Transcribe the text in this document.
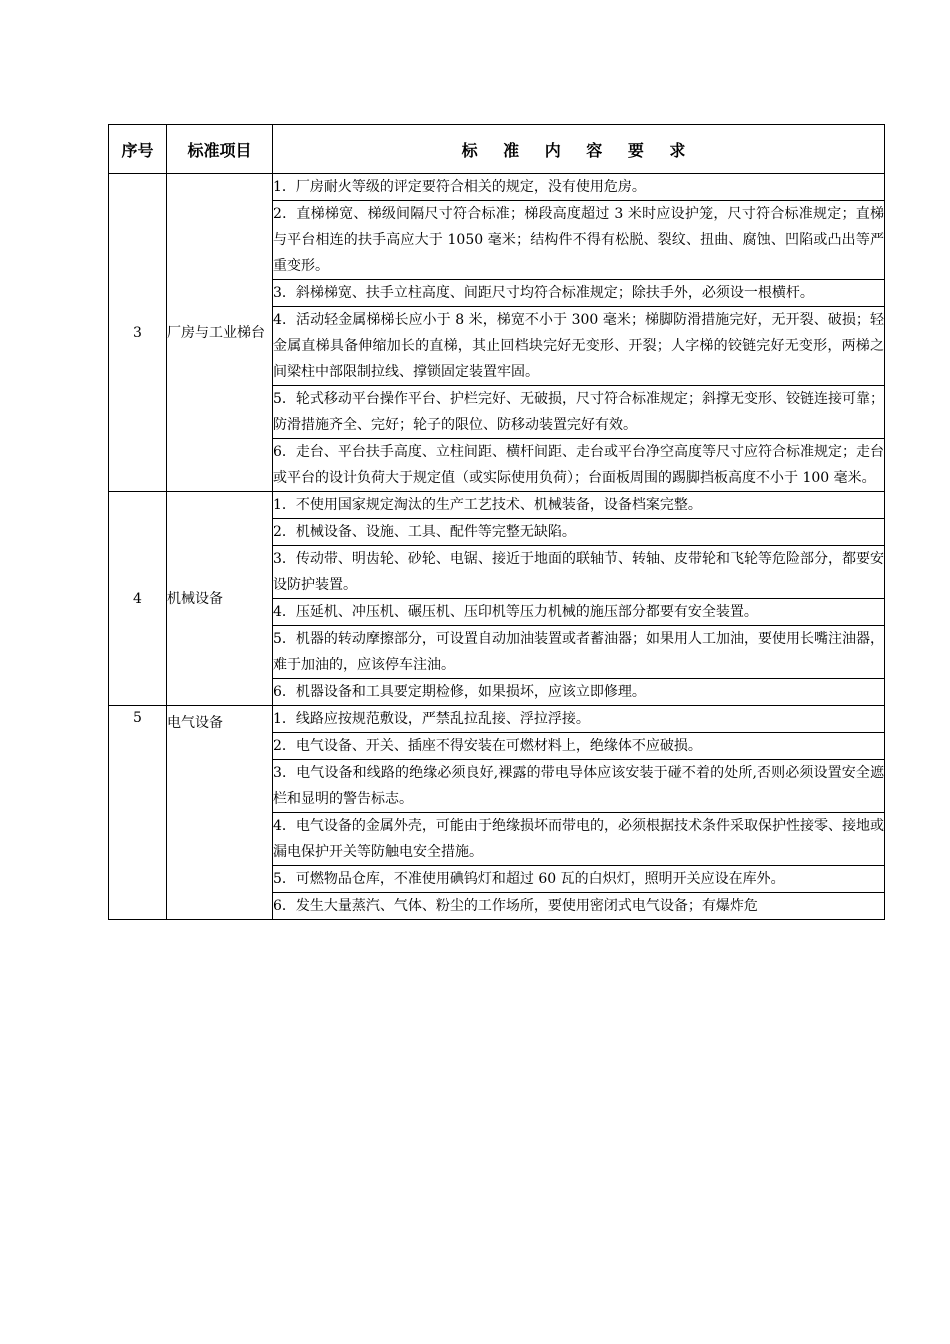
序号	标准项目	标 准 内 容 要 求
3	厂房与工业梯台	1．厂房耐火等级的评定要符合相关的规定，没有使用危房。
		2．直梯梯宽、梯级间隔尺寸符合标准；梯段高度超过 3 米时应设护笼，尺寸符合标准规定；直梯与平台相连的扶手高应大于 1050 毫米；结构件不得有松脱、裂纹、扭曲、腐蚀、凹陷或凸出等严重变形。
		3．斜梯梯宽、扶手立柱高度、间距尺寸均符合标准规定；除扶手外，必须设一根横杆。
		4．活动轻金属梯梯长应小于 8 米，梯宽不小于 300 毫米；梯脚防滑措施完好，无开裂、破损；轻金属直梯具备伸缩加长的直梯，其止回档块完好无变形、开裂；人字梯的铰链完好无变形，两梯之间梁柱中部限制拉线、撑锁固定装置牢固。
		5．轮式移动平台操作平台、护栏完好、无破损，尺寸符合标准规定；斜撑无变形、铰链连接可靠；防滑措施齐全、完好；轮子的限位、防移动装置完好有效。
		6．走台、平台扶手高度、立柱间距、横杆间距、走台或平台净空高度等尺寸应符合标准规定；走台或平台的设计负荷大于规定值（或实际使用负荷）；台面板周围的踢脚挡板高度不小于 100 毫米。
4	机械设备	1．不使用国家规定淘汰的生产工艺技术、机械装备，设备档案完整。
		2．机械设备、设施、工具、配件等完整无缺陷。
		3．传动带、明齿轮、砂轮、电锯、接近于地面的联轴节、转轴、皮带轮和飞轮等危险部分，都要安设防护装置。
		4．压延机、冲压机、碾压机、压印机等压力机械的施压部分都要有安全装置。
		5．机器的转动摩擦部分，可设置自动加油装置或者蓄油器；如果用人工加油，要使用长嘴注油器，难于加油的，应该停车注油。
		6．机器设备和工具要定期检修，如果损坏，应该立即修理。
5	电气设备	1．线路应按规范敷设，严禁乱拉乱接、浮拉浮接。
		2．电气设备、开关、插座不得安装在可燃材料上，绝缘体不应破损。
		3．电气设备和线路的绝缘必须良好,裸露的带电导体应该安装于碰不着的处所,否则必须设置安全遮栏和显明的警告标志。
		4．电气设备的金属外壳，可能由于绝缘损坏而带电的，必须根据技术条件采取保护性接零、接地或漏电保护开关等防触电安全措施。
		5．可燃物品仓库，不准使用碘钨灯和超过 60 瓦的白炽灯，照明开关应设在库外。
		6．发生大量蒸汽、气体、粉尘的工作场所，要使用密闭式电气设备；有爆炸危
